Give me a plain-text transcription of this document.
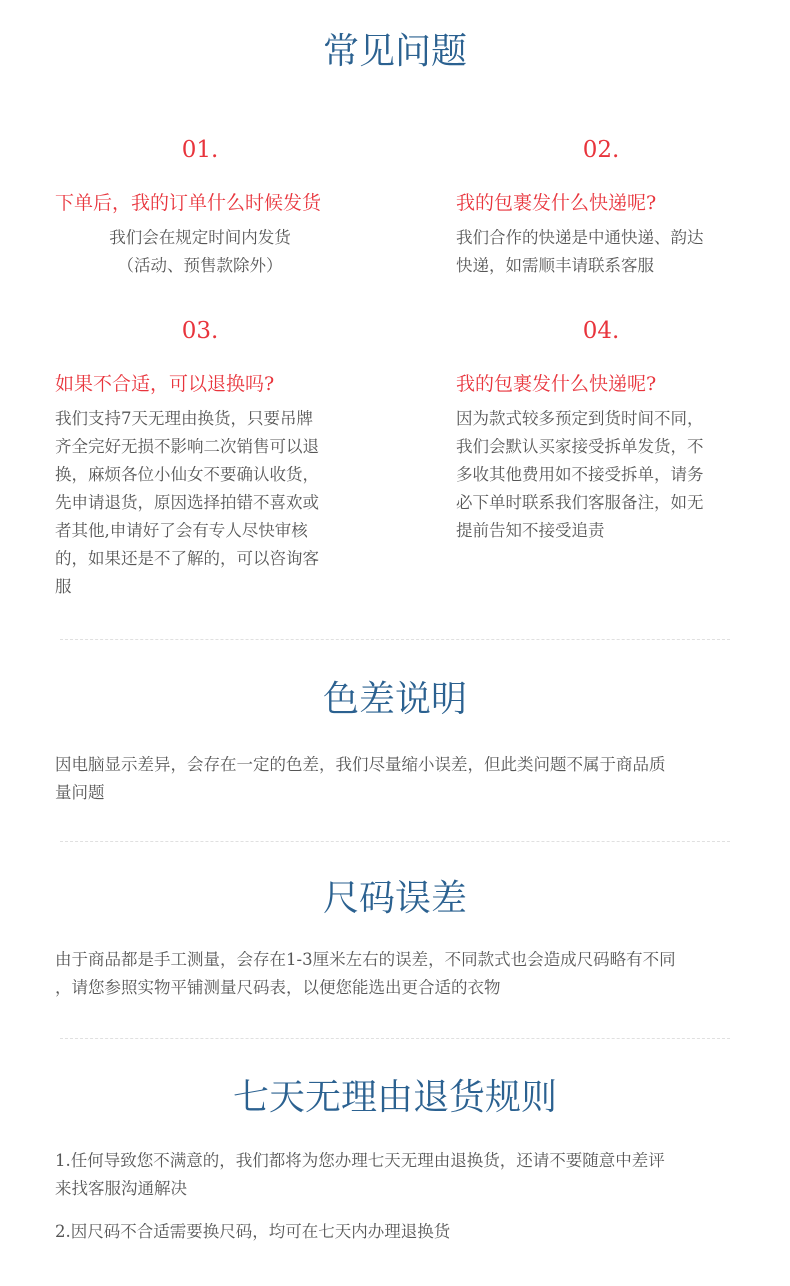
常见问题
01.
下单后，我的订单什么时候发货
我们会在规定时间内发货
（活动、预售款除外）
02.
我的包裹发什么快递呢?
我们合作的快递是中通快递、韵达
快递，如需顺丰请联系客服
03.
如果不合适，可以退换吗?
我们支持7天无理由换货，只要吊牌
齐全完好无损不影响二次销售可以退
换，麻烦各位小仙女不要确认收货，
先申请退货，原因选择拍错不喜欢或
者其他,申请好了会有专人尽快审核
的，如果还是不了解的，可以咨询客
服
04.
我的包裹发什么快递呢?
因为款式较多预定到货时间不同，
我们会默认买家接受拆单发货，不
多收其他费用如不接受拆单，请务
必下单时联系我们客服备注，如无
提前告知不接受追责
色差说明
因电脑显示差异，会存在一定的色差，我们尽量缩小误差，但此类问题不属于商品质
量问题
尺码误差
由于商品都是手工测量，会存在1-3厘米左右的误差，不同款式也会造成尺码略有不同
，请您参照实物平铺测量尺码表，以便您能选出更合适的衣物
七天无理由退货规则
1.任何导致您不满意的，我们都将为您办理七天无理由退换货，还请不要随意中差评
来找客服沟通解决
2.因尺码不合适需要换尺码，均可在七天内办理退换货
